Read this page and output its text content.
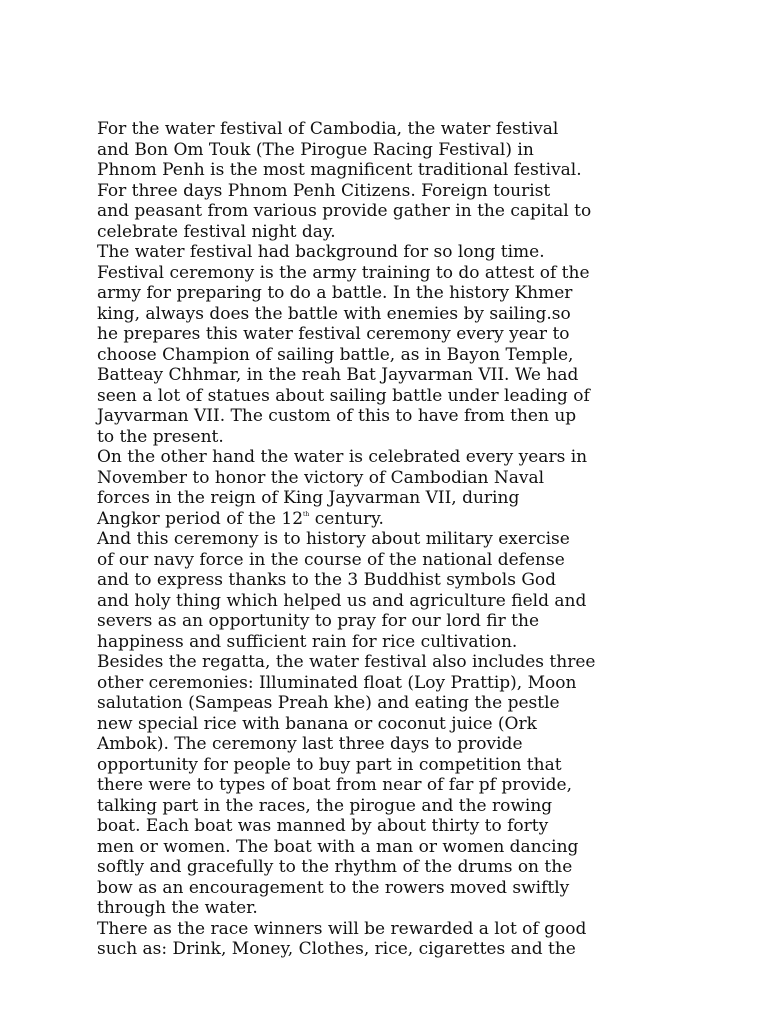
For the water festival of Cambodia, the water festival
and Bon Om Touk (The Pirogue Racing Festival) in
Phnom Penh is the most magnificent traditional festival.
For three days Phnom Penh Citizens. Foreign tourist
and peasant from various provide gather in the capital to
celebrate festival night day.
The water festival had background for so long time.
Festival ceremony is the army training to do attest of the
army for preparing to do a battle. In the history Khmer
king, always does the battle with enemies by sailing.so
he prepares this water festival ceremony every year to
choose Champion of sailing battle, as in Bayon Temple,
Batteay Chhmar, in the reah Bat Jayvarman VII. We had
seen a lot of statues about sailing battle under leading of
Jayvarman VII. The custom of this to have from then up
to the present.
On the other hand the water is celebrated every years in
November to honor the victory of Cambodian Naval
forces in the reign of King Jayvarman VII, during
Angkor period of the 12th century.
And this ceremony is to history about military exercise
of our navy force in the course of the national defense
and to express thanks to the 3 Buddhist symbols God
and holy thing which helped us and agriculture field and
severs as an opportunity to pray for our lord fir the
happiness and sufficient rain for rice cultivation.
Besides the regatta, the water festival also includes three
other ceremonies: Illuminated float (Loy Prattip), Moon
salutation (Sampeas Preah khe) and eating the pestle
new special rice with banana or coconut juice (Ork
Ambok). The ceremony last three days to provide
opportunity for people to buy part in competition that
there were to types of boat from near of far pf provide,
talking part in the races, the pirogue and the rowing
boat. Each boat was manned by about thirty to forty
men or women. The boat with a man or women dancing
softly and gracefully to the rhythm of the drums on the
bow as an encouragement to the rowers moved swiftly
through the water.
There as the race winners will be rewarded a lot of good
such as: Drink, Money, Clothes, rice, cigarettes and the
